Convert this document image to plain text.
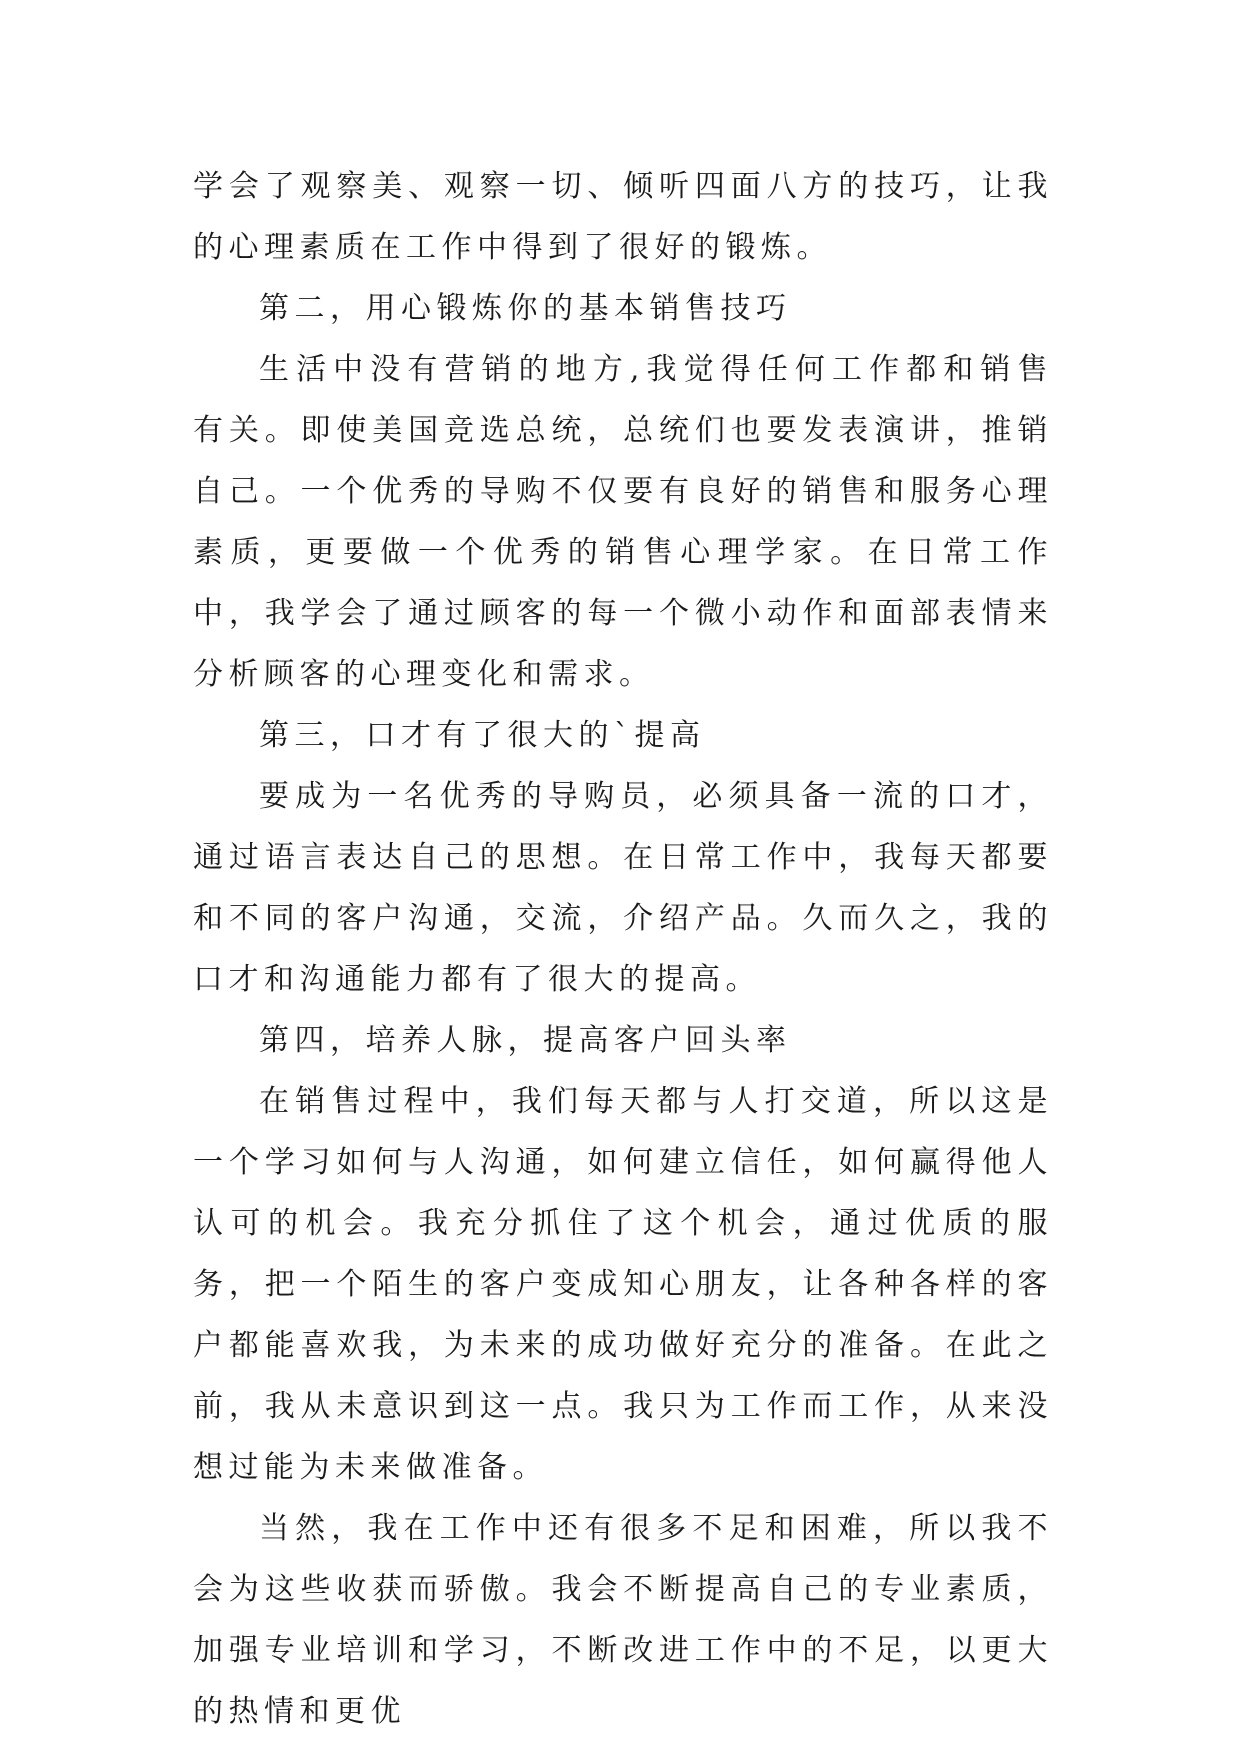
学会了观察美、观察一切、倾听四面八方的技巧，让我的心理素质在工作中得到了很好的锻炼。

第二，用心锻炼你的基本销售技巧

生活中没有营销的地方,我觉得任何工作都和销售有关。即使美国竞选总统，总统们也要发表演讲，推销自己。一个优秀的导购不仅要有良好的销售和服务心理素质，更要做一个优秀的销售心理学家。在日常工作中，我学会了通过顾客的每一个微小动作和面部表情来分析顾客的心理变化和需求。

第三，口才有了很大的`提高

要成为一名优秀的导购员，必须具备一流的口才，通过语言表达自己的思想。在日常工作中，我每天都要和不同的客户沟通，交流，介绍产品。久而久之，我的口才和沟通能力都有了很大的提高。

第四，培养人脉，提高客户回头率

在销售过程中，我们每天都与人打交道，所以这是一个学习如何与人沟通，如何建立信任，如何赢得他人认可的机会。我充分抓住了这个机会，通过优质的服务，把一个陌生的客户变成知心朋友，让各种各样的客户都能喜欢我，为未来的成功做好充分的准备。在此之前，我从未意识到这一点。我只为工作而工作，从来没想过能为未来做准备。

当然，我在工作中还有很多不足和困难，所以我不会为这些收获而骄傲。我会不断提高自己的专业素质，加强专业培训和学习，不断改进工作中的不足，以更大的热情和更优
